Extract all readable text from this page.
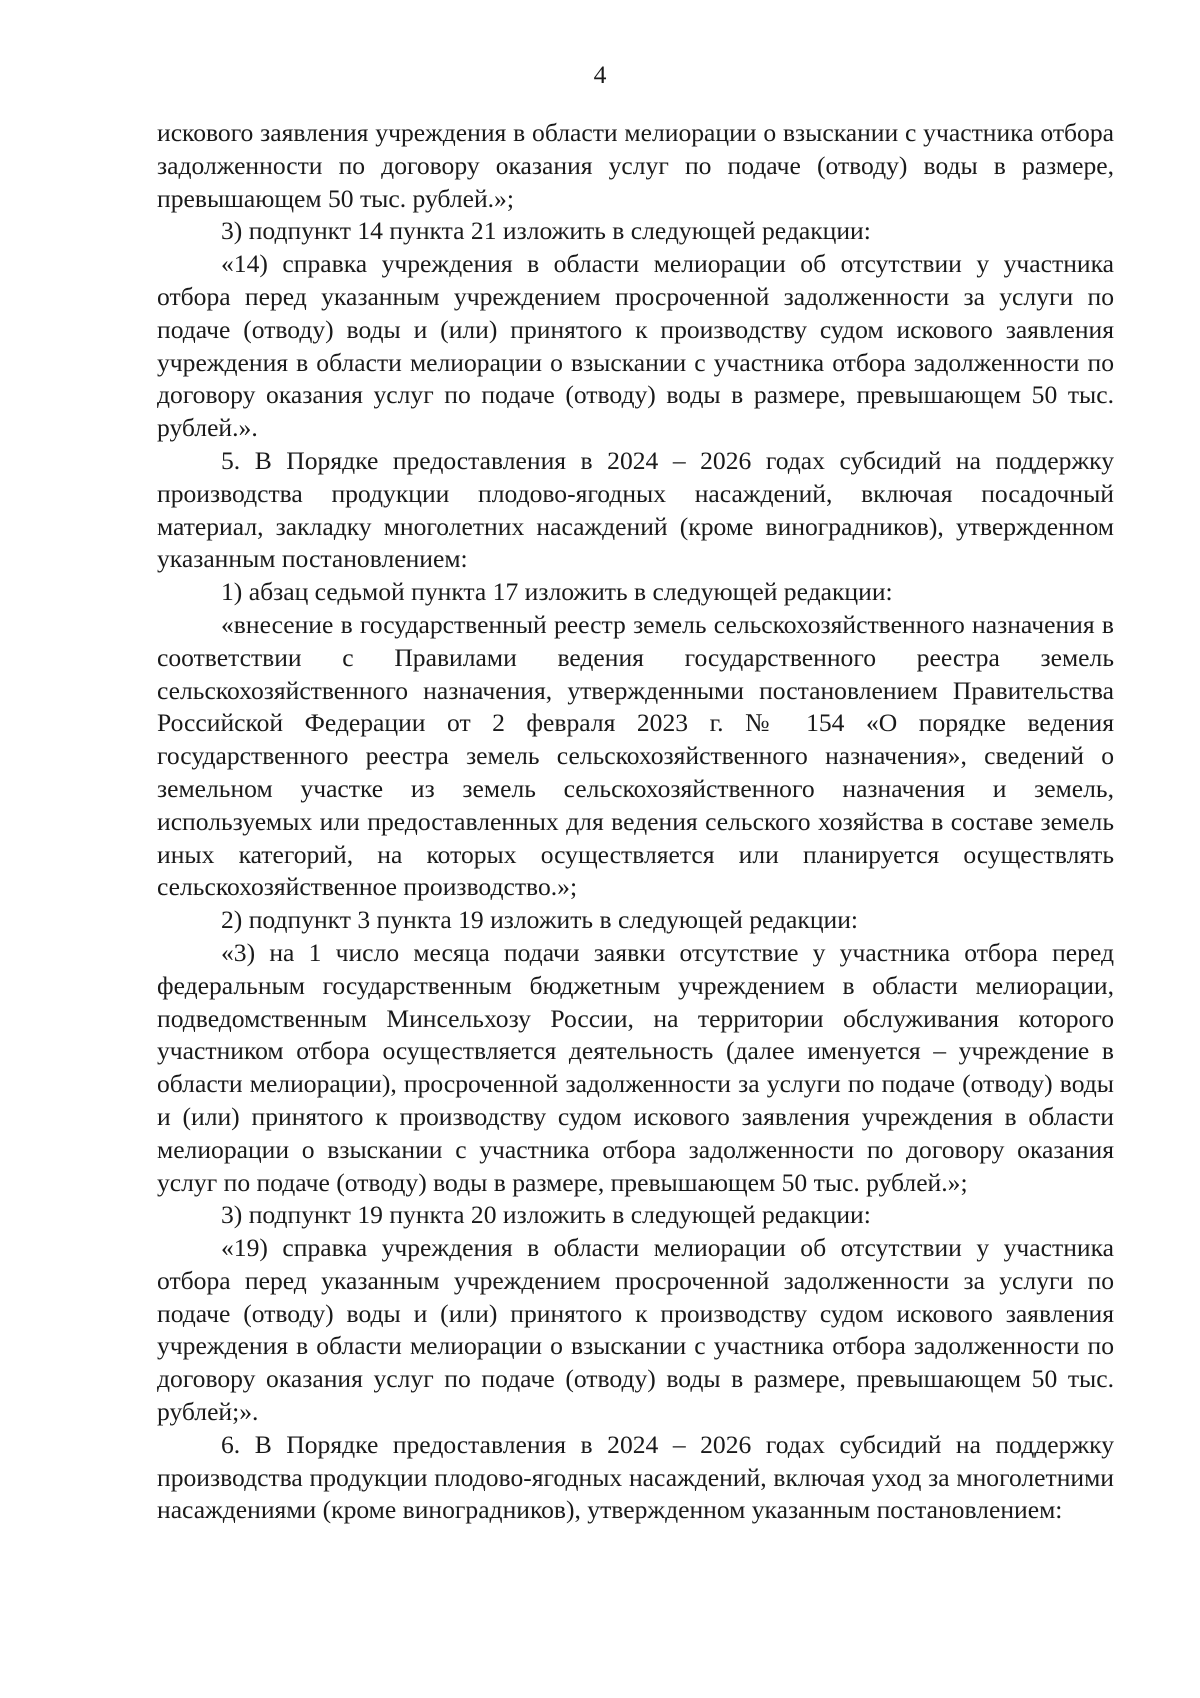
4

искового заявления учреждения в области мелиорации о взыскании с участника отбора задолженности по договору оказания услуг по подаче (отводу) воды в размере, превышающем 50 тыс. рублей.»;

3) подпункт 14 пункта 21 изложить в следующей редакции:

«14) справка учреждения в области мелиорации об отсутствии у участника отбора перед указанным учреждением просроченной задолженности за услуги по подаче (отводу) воды и (или) принятого к производству судом искового заявления учреждения в области мелиорации о взыскании с участника отбора задолженности по договору оказания услуг по подаче (отводу) воды в размере, превышающем 50 тыс. рублей.».

5. В Порядке предоставления в 2024 – 2026 годах субсидий на поддержку производства продукции плодово-ягодных насаждений, включая посадочный материал, закладку многолетних насаждений (кроме виноградников), утвержденном указанным постановлением:

1) абзац седьмой пункта 17 изложить в следующей редакции:

«внесение в государственный реестр земель сельскохозяйственного назначения в соответствии с Правилами ведения государственного реестра земель сельскохозяйственного назначения, утвержденными постановлением Правительства Российской Федерации от 2 февраля 2023 г. № 154 «О порядке ведения государственного реестра земель сельскохозяйственного назначения», сведений о земельном участке из земель сельскохозяйственного назначения и земель, используемых или предоставленных для ведения сельского хозяйства в составе земель иных категорий, на которых осуществляется или планируется осуществлять сельскохозяйственное производство.»;

2) подпункт 3 пункта 19 изложить в следующей редакции:

«3) на 1 число месяца подачи заявки отсутствие у участника отбора перед федеральным государственным бюджетным учреждением в области мелиорации, подведомственным Минсельхозу России, на территории обслуживания которого участником отбора осуществляется деятельность (далее именуется – учреждение в области мелиорации), просроченной задолженности за услуги по подаче (отводу) воды и (или) принятого к производству судом искового заявления учреждения в области мелиорации о взыскании с участника отбора задолженности по договору оказания услуг по подаче (отводу) воды в размере, превышающем 50 тыс. рублей.»;

3) подпункт 19 пункта 20 изложить в следующей редакции:

«19) справка учреждения в области мелиорации об отсутствии у участника отбора перед указанным учреждением просроченной задолженности за услуги по подаче (отводу) воды и (или) принятого к производству судом искового заявления учреждения в области мелиорации о взыскании с участника отбора задолженности по договору оказания услуг по подаче (отводу) воды в размере, превышающем 50 тыс. рублей;».

6. В Порядке предоставления в 2024 – 2026 годах субсидий на поддержку производства продукции плодово-ягодных насаждений, включая уход за многолетними насаждениями (кроме виноградников), утвержденном указанным постановлением:
